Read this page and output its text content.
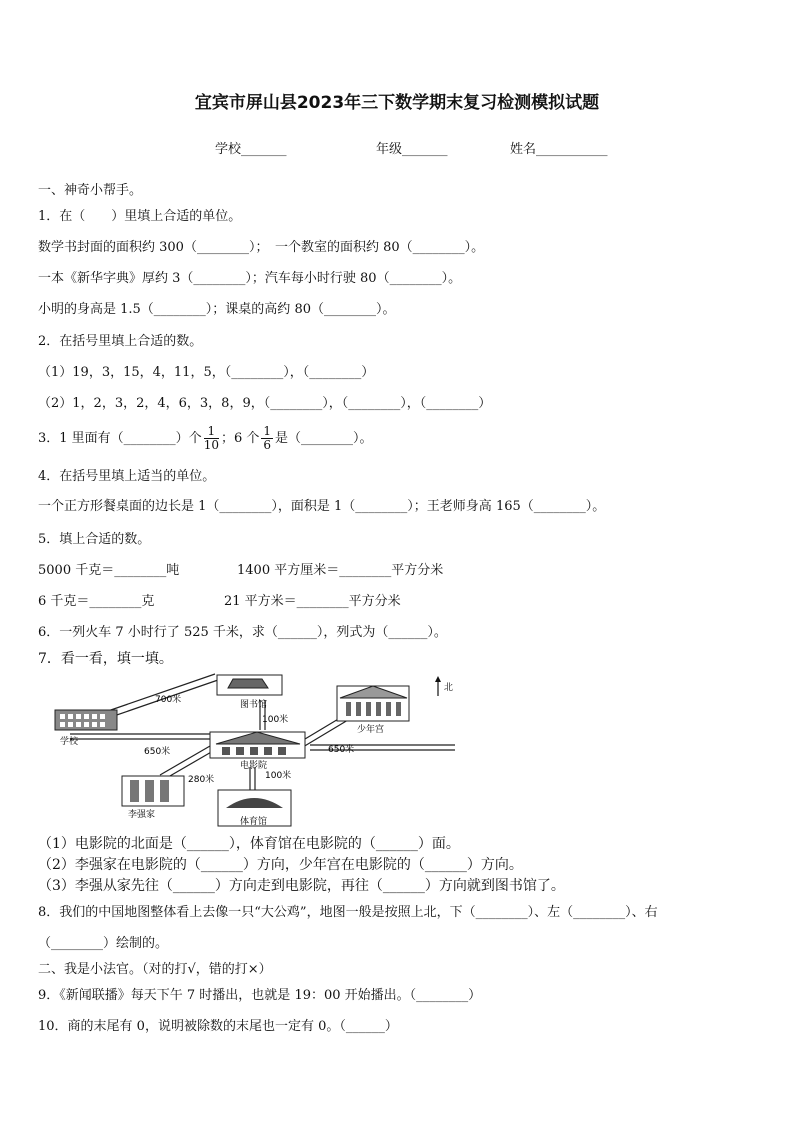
宜宾市屏山县2023年三下数学期末复习检测模拟试题
学校_______	年级_______	姓名___________
一、神奇小帮手。
1．在（　　）里填上合适的单位。
数学书封面的面积约 300（________）；　一个教室的面积约 80（________）。
一本《新华字典》厚约 3（________）；汽车每小时行驶 80（________）。
小明的身高是 1.5（________）；课桌的高约 80（________）。
2．在括号里填上合适的数。
（1）19，3，15，4，11，5，（________），（________）
（2）1，2，3，2，4，6，3，8，9，（________），（________），（________）
3．1 里面有（________）个 $\frac{1}{10}$ ；6 个 $\frac{1}{6}$ 是（________）。
4．在括号里填上适当的单位。
一个正方形餐桌面的边长是 1（________），面积是 1（________）；王老师身高 165（________）。
5．填上合适的数。
5000 千克＝________吨	1400 平方厘米＝________平方分米
6 千克＝________克	21 平方米＝________平方分米
6．一列火车 7 小时行了 525 千米，求（______），列式为（______）。
7．看一看，填一填。
北
图书馆
学校
少年宫
电影院
李强家
体育馆
700米
100米
650米	650米
280米	100米
（1）电影院的北面是（______），体育馆在电影院的（______）面。
（2）李强家在电影院的（______）方向，少年宫在电影院的（______）方向。
（3）李强从家先往（______）方向走到电影院，再往（______）方向就到图书馆了。
8．我们的中国地图整体看上去像一只“大公鸡”，地图一般是按照上北，下（________）、左（________）、右
（________）绘制的。
二、我是小法官。（对的打√，错的打×）
9．《新闻联播》每天下午 7 时播出，也就是 19：00 开始播出。（________）
10．商的末尾有 0，说明被除数的末尾也一定有 0。（______）
